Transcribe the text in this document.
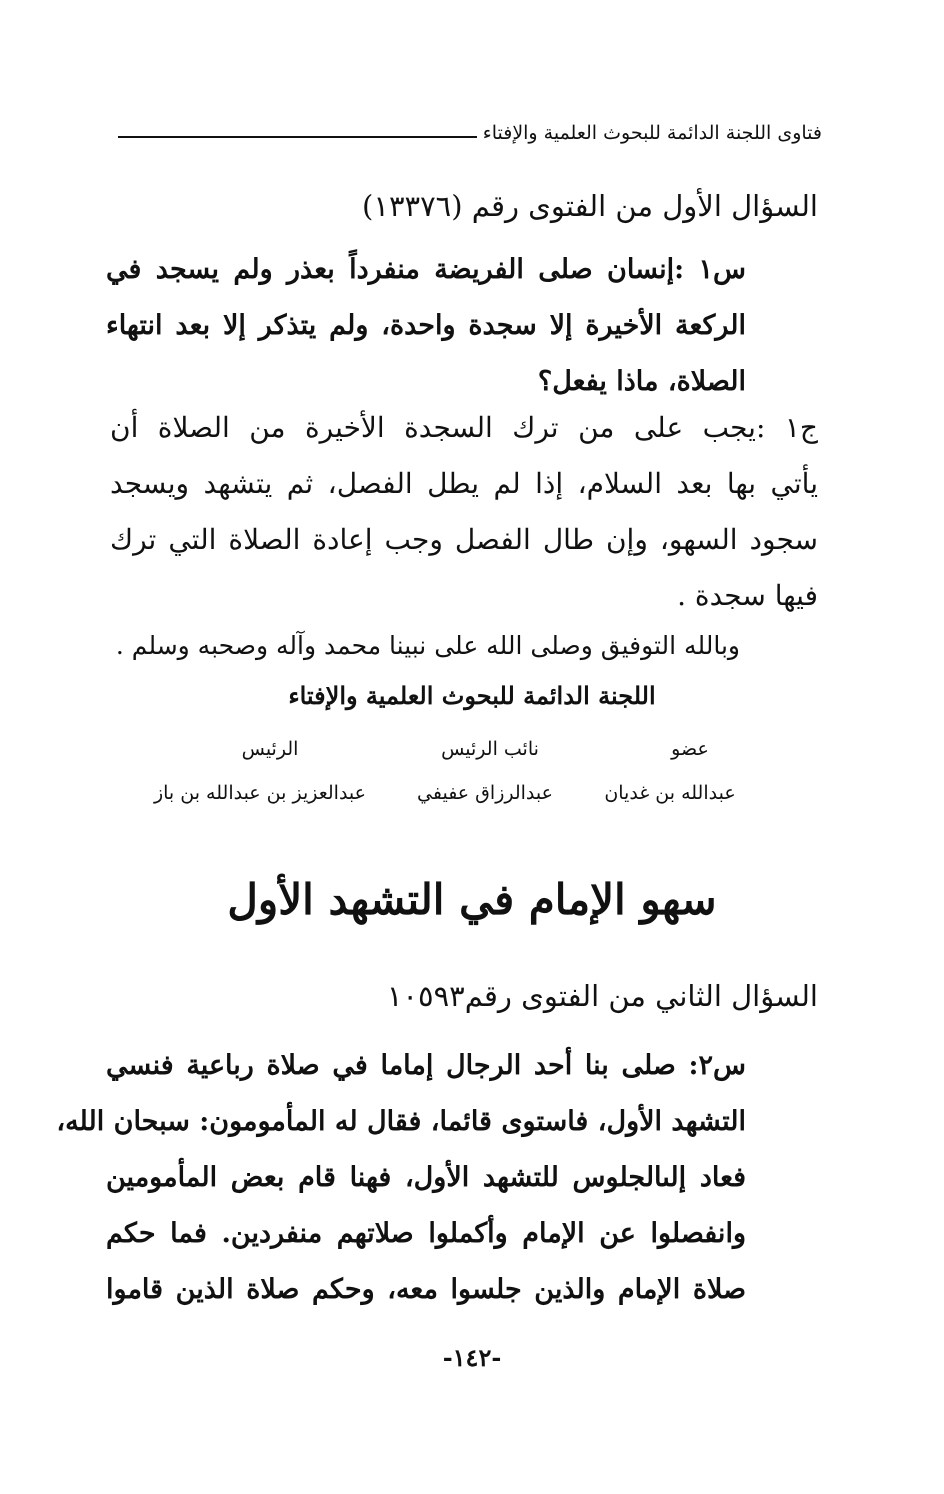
فتاوى اللجنة الدائمة للبحوث العلمية والإفتاء
السؤال الأول من الفتوى رقم (١٣٣٧٦)
س١ :إنسان صلى الفريضة منفرداً بعذر ولم يسجد في
الركعة الأخيرة إلا سجدة واحدة، ولم يتذكر إلا بعد انتهاء
الصلاة، ماذا يفعل؟
ج١ :يجب على من ترك السجدة الأخيرة من الصلاة أن
يأتي بها بعد السلام، إذا لم يطل الفصل، ثم يتشهد ويسجد
سجود السهو، وإن طال الفصل وجب إعادة الصلاة التي ترك
فيها سجدة .
وبالله التوفيق وصلى الله على نبينا محمد وآله وصحبه وسلم .
اللجنة الدائمة للبحوث العلمية والإفتاء
عضو
نائب الرئيس
الرئيس
عبدالله بن غديان
عبدالرزاق عفيفي
عبدالعزيز بن عبدالله بن باز
سهو الإمام في التشهد الأول
السؤال الثاني من الفتوى رقم١٠٥٩٣
س٢: صلى بنا أحد الرجال إماما في صلاة رباعية فنسي
التشهد الأول، فاستوى قائما، فقال له المأمومون: سبحان الله،
فعاد إلىالجلوس للتشهد الأول، فهنا قام بعض المأمومين
وانفصلوا عن الإمام وأكملوا صلاتهم منفردين. فما حكم
صلاة الإمام والذين جلسوا معه، وحكم صلاة الذين قاموا
-١٤٢-
